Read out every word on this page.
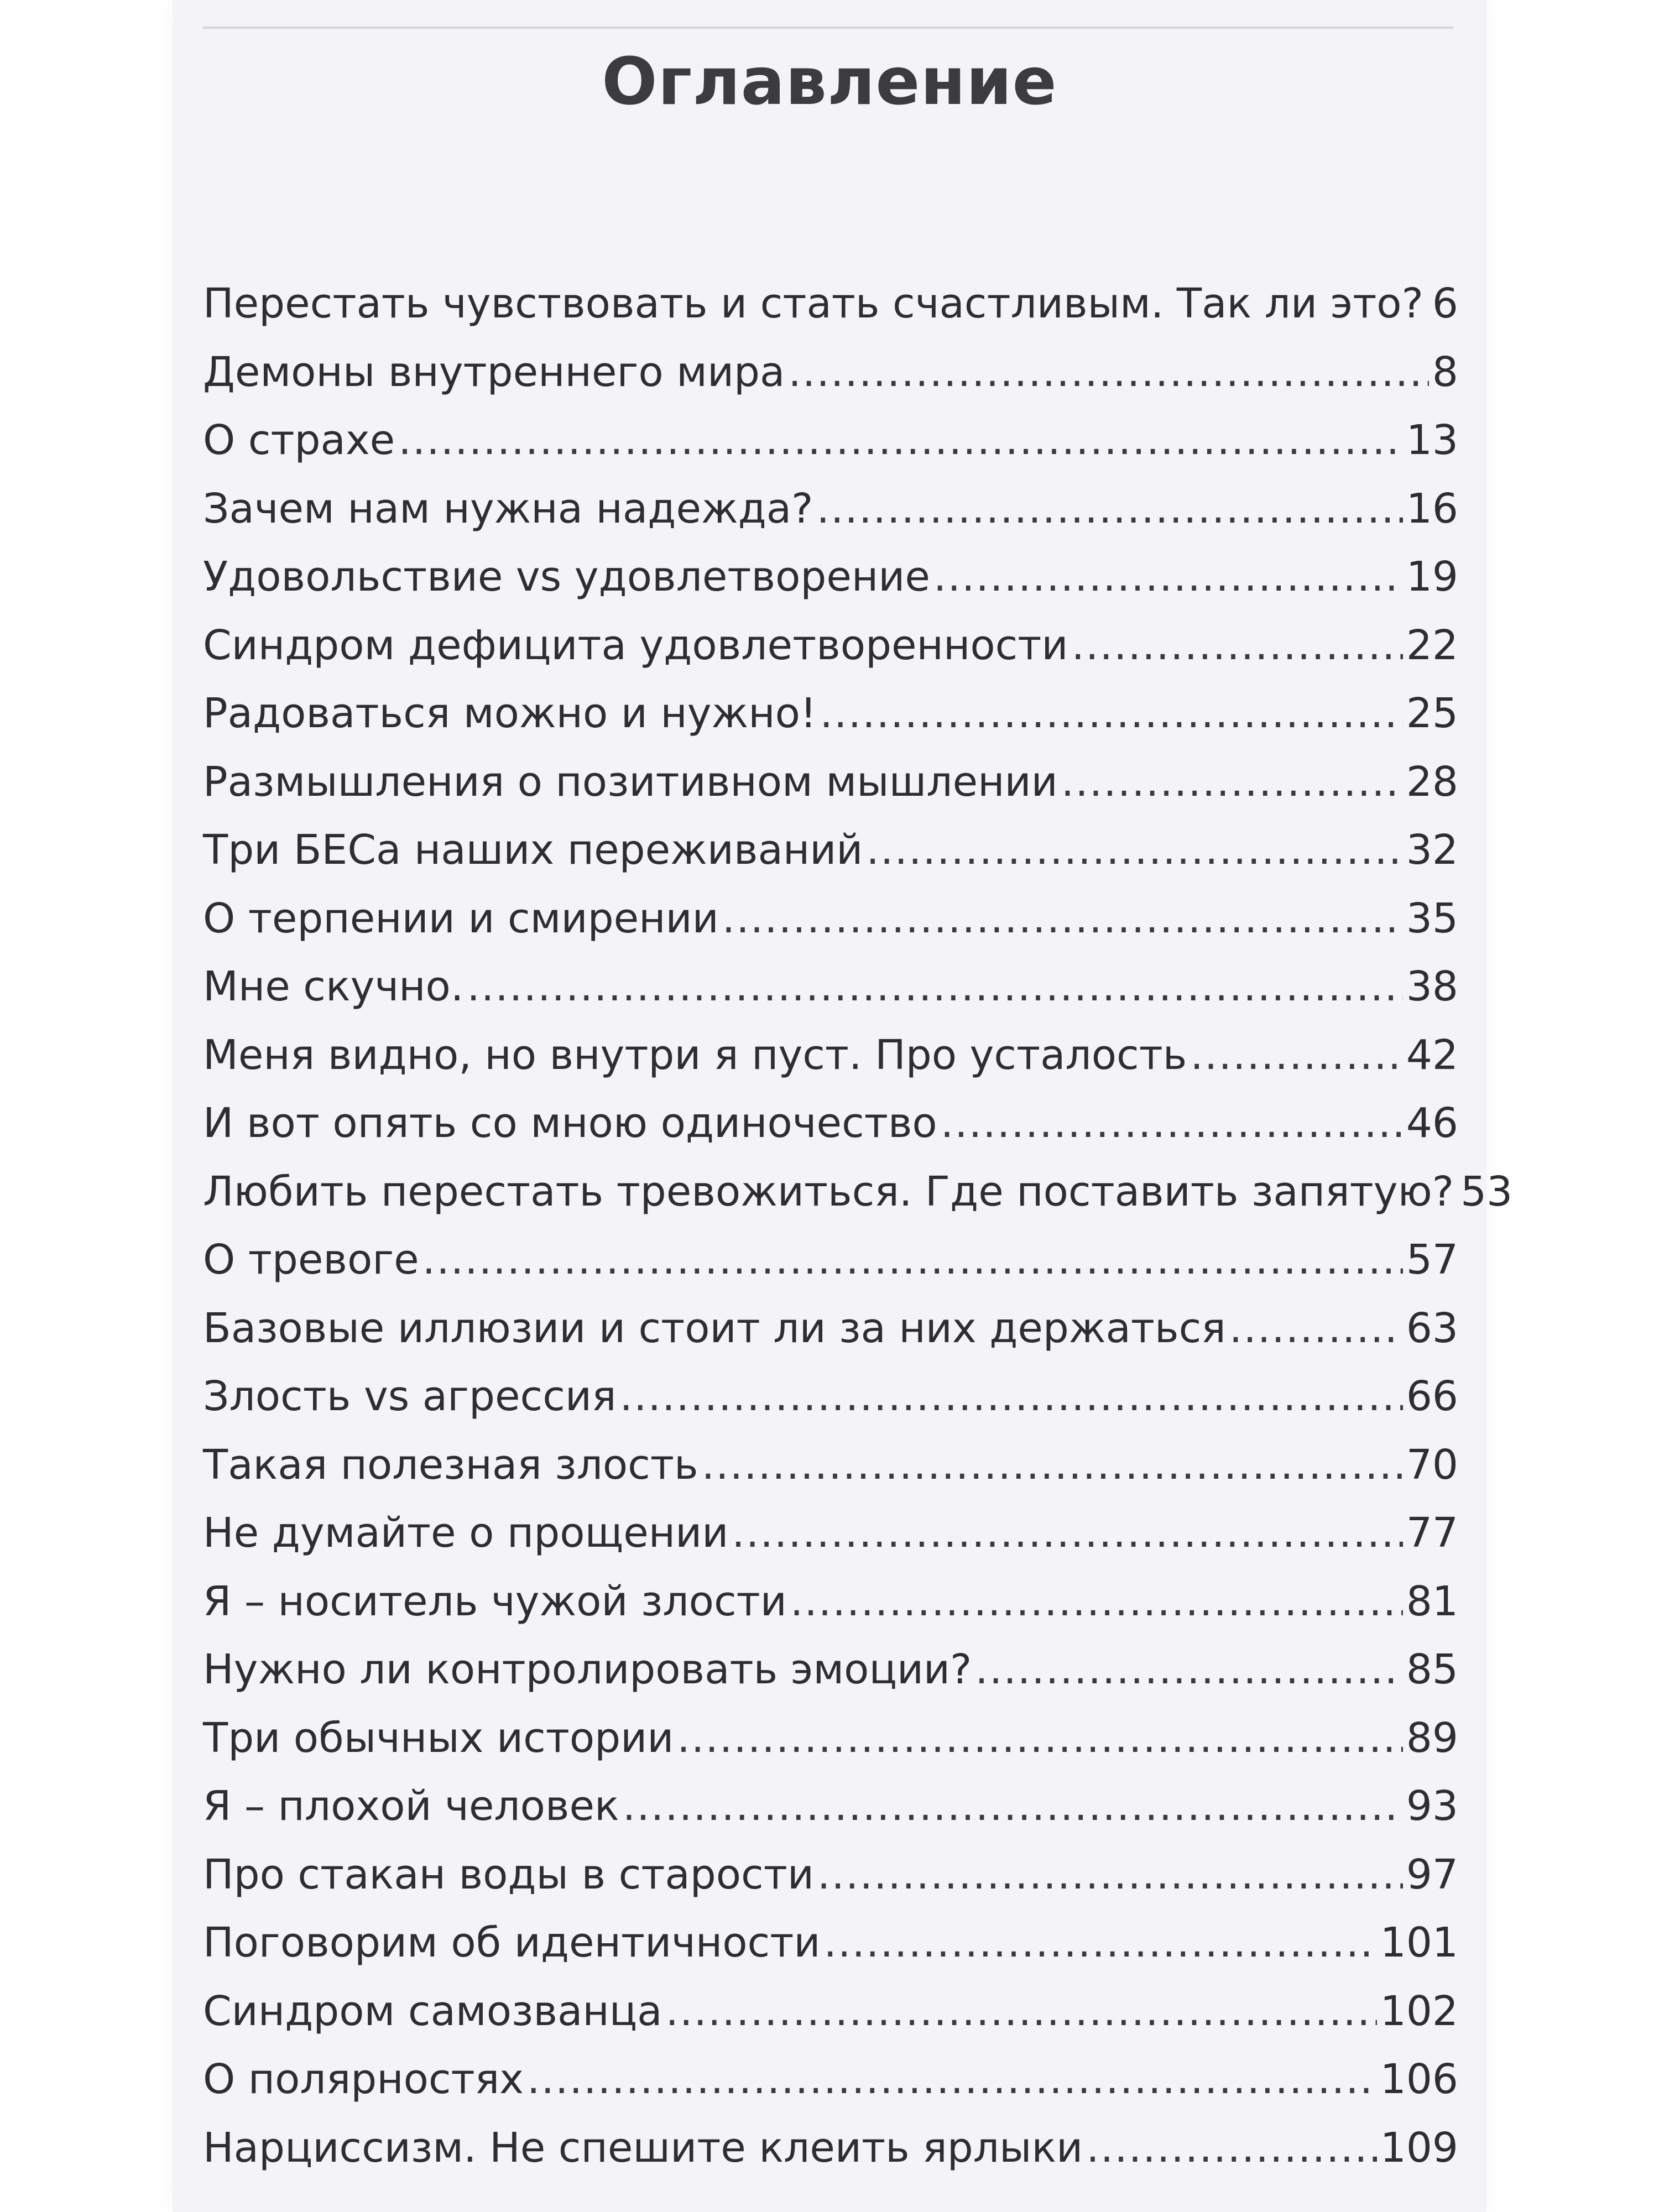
Оглавление
Перестать чувствовать и стать счастливым. Так ли это? ..... 6
Демоны внутреннего мира .....	8
О страхе .....	13
Зачем нам нужна надежда? .....	16
Удовольствие vs удовлетворение .....	19
Синдром дефицита удовлетворенности .....	22
Радоваться можно и нужно! .....	25
Размышления о позитивном мышлении .....	28
Три БЕСа наших переживаний .....	32
О терпении и смирении .....	35
Мне скучно. .....	38
Меня видно, но внутри я пуст. Про усталость .....	42
И вот опять со мною одиночество .....	46
Любить перестать тревожиться. Где поставить запятую? 53
О тревоге .....	57
Базовые иллюзии и стоит ли за них держаться .....	63
Злость vs агрессия .....	66
Такая полезная злость .....	70
Не думайте о прощении .....	77
Я – носитель чужой злости .....	81
Нужно ли контролировать эмоции? .....	85
Три обычных истории .....	89
Я – плохой человек .....	93
Про стакан воды в старости .....	97
Поговорим об идентичности .....	101
Синдром самозванца .....	102
О полярностях .....	106
Нарциссизм. Не спешите клеить ярлыки .....	109
